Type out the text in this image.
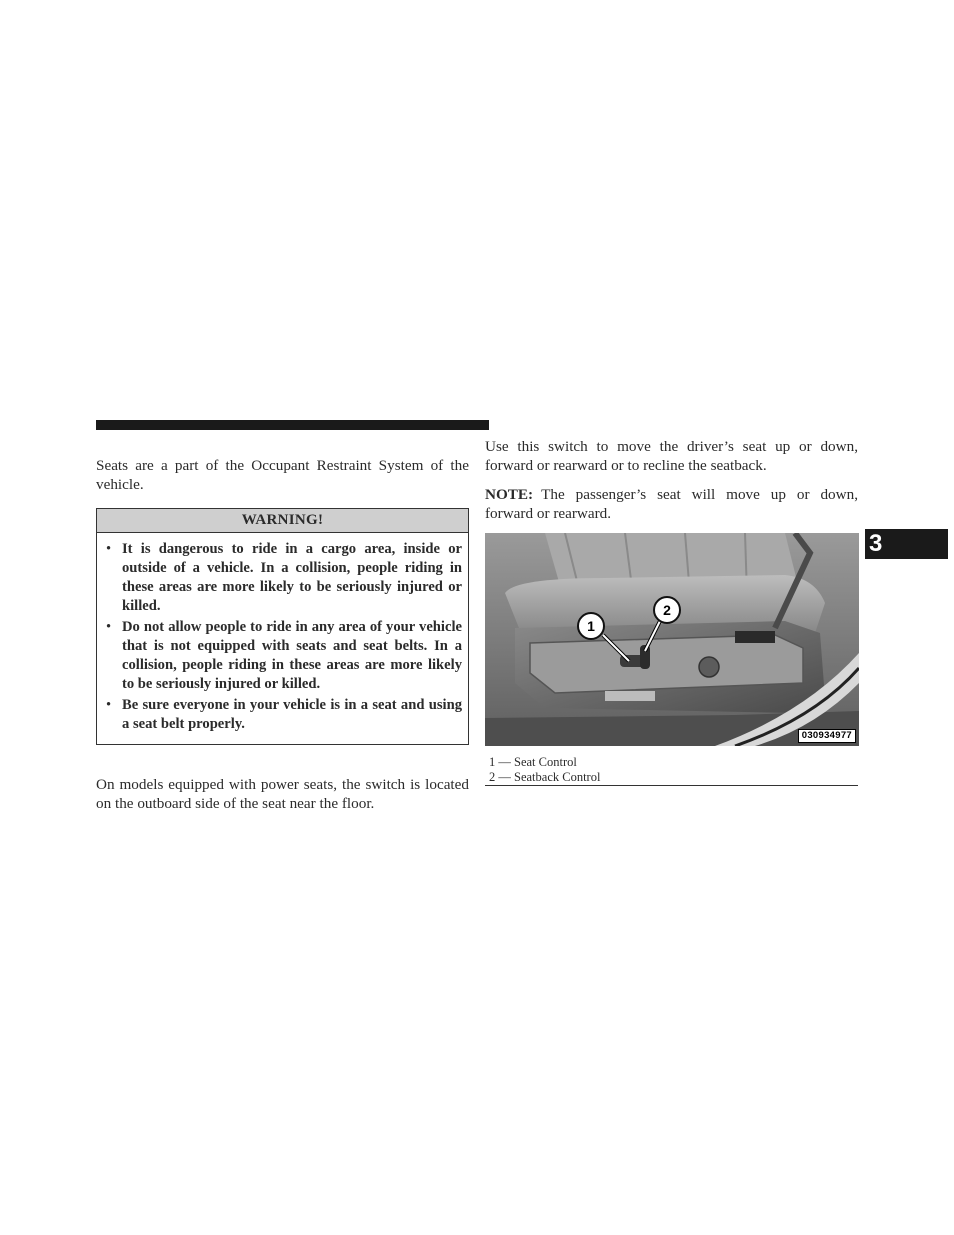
Seats are a part of the Occupant Restraint System of the vehicle.

WARNING!
• It is dangerous to ride in a cargo area, inside or outside of a vehicle. In a collision, people riding in these areas are more likely to be seriously injured or killed.
• Do not allow people to ride in any area of your vehicle that is not equipped with seats and seat belts. In a collision, people riding in these areas are more likely to be seriously injured or killed.
• Be sure everyone in your vehicle is in a seat and using a seat belt properly.

On models equipped with power seats, the switch is located on the outboard side of the seat near the floor.

Use this switch to move the driver’s seat up or down, forward or rearward or to recline the seatback.

NOTE: The passenger’s seat will move up or down, forward or rearward.

1
2
030934977
1 — Seat Control
2 — Seatback Control
3
